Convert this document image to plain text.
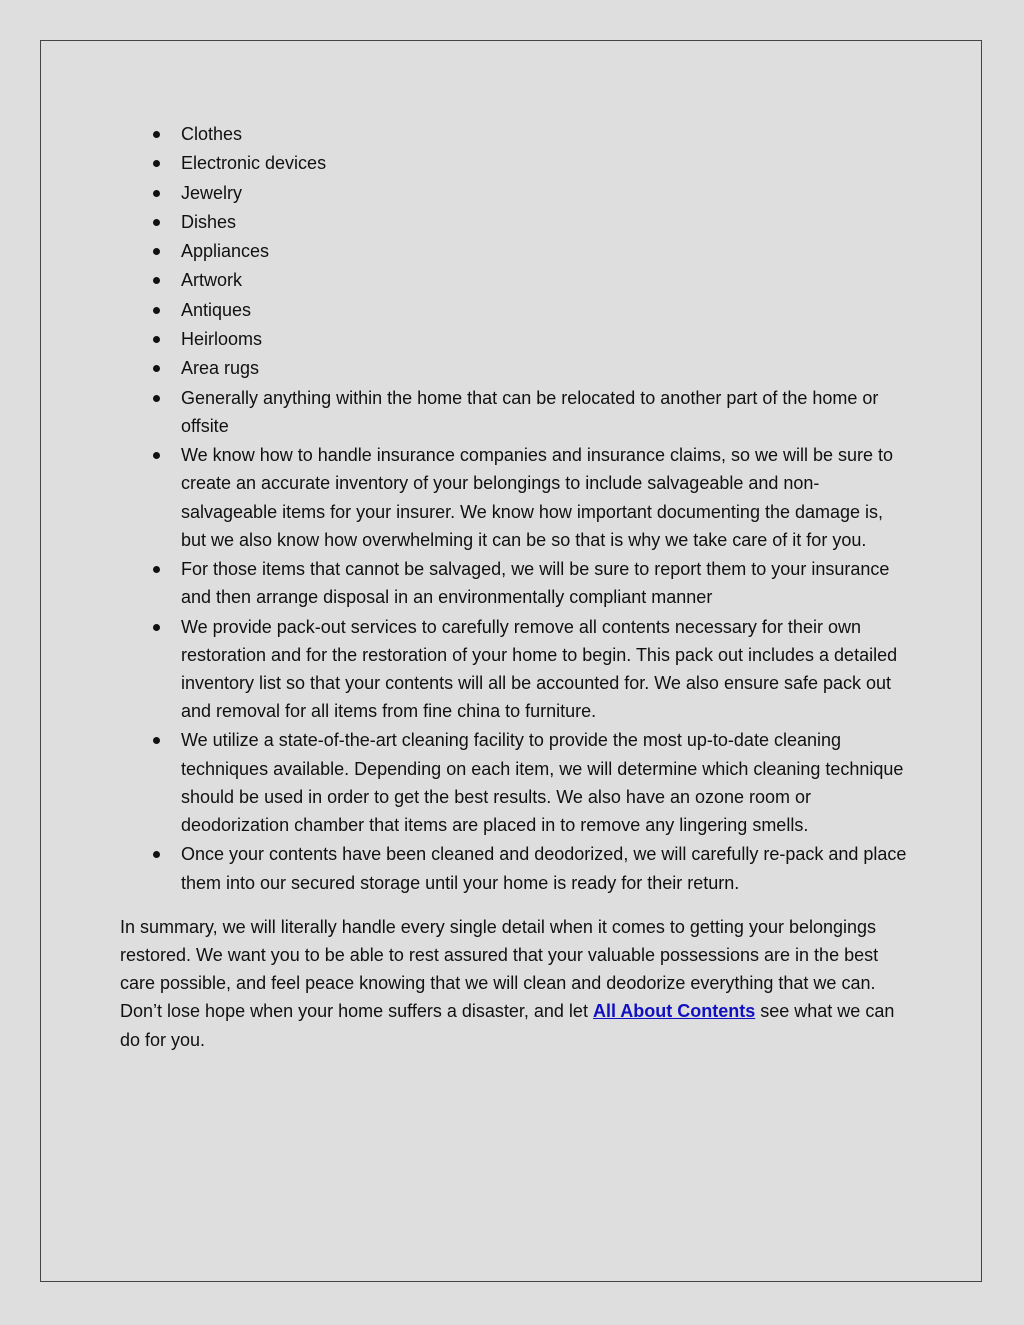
Clothes
Electronic devices
Jewelry
Dishes
Appliances
Artwork
Antiques
Heirlooms
Area rugs
Generally anything within the home that can be relocated to another part of the home or offsite
We know how to handle insurance companies and insurance claims, so we will be sure to create an accurate inventory of your belongings to include salvageable and non-salvageable items for your insurer. We know how important documenting the damage is, but we also know how overwhelming it can be so that is why we take care of it for you.
For those items that cannot be salvaged, we will be sure to report them to your insurance and then arrange disposal in an environmentally compliant manner
We provide pack-out services to carefully remove all contents necessary for their own restoration and for the restoration of your home to begin. This pack out includes a detailed inventory list so that your contents will all be accounted for. We also ensure safe pack out and removal for all items from fine china to furniture.
We utilize a state-of-the-art cleaning facility to provide the most up-to-date cleaning techniques available. Depending on each item, we will determine which cleaning technique should be used in order to get the best results. We also have an ozone room or deodorization chamber that items are placed in to remove any lingering smells.
Once your contents have been cleaned and deodorized, we will carefully re-pack and place them into our secured storage until your home is ready for their return.

In summary, we will literally handle every single detail when it comes to getting your belongings restored. We want you to be able to rest assured that your valuable possessions are in the best care possible, and feel peace knowing that we will clean and deodorize everything that we can. Don’t lose hope when your home suffers a disaster, and let All About Contents see what we can do for you.
